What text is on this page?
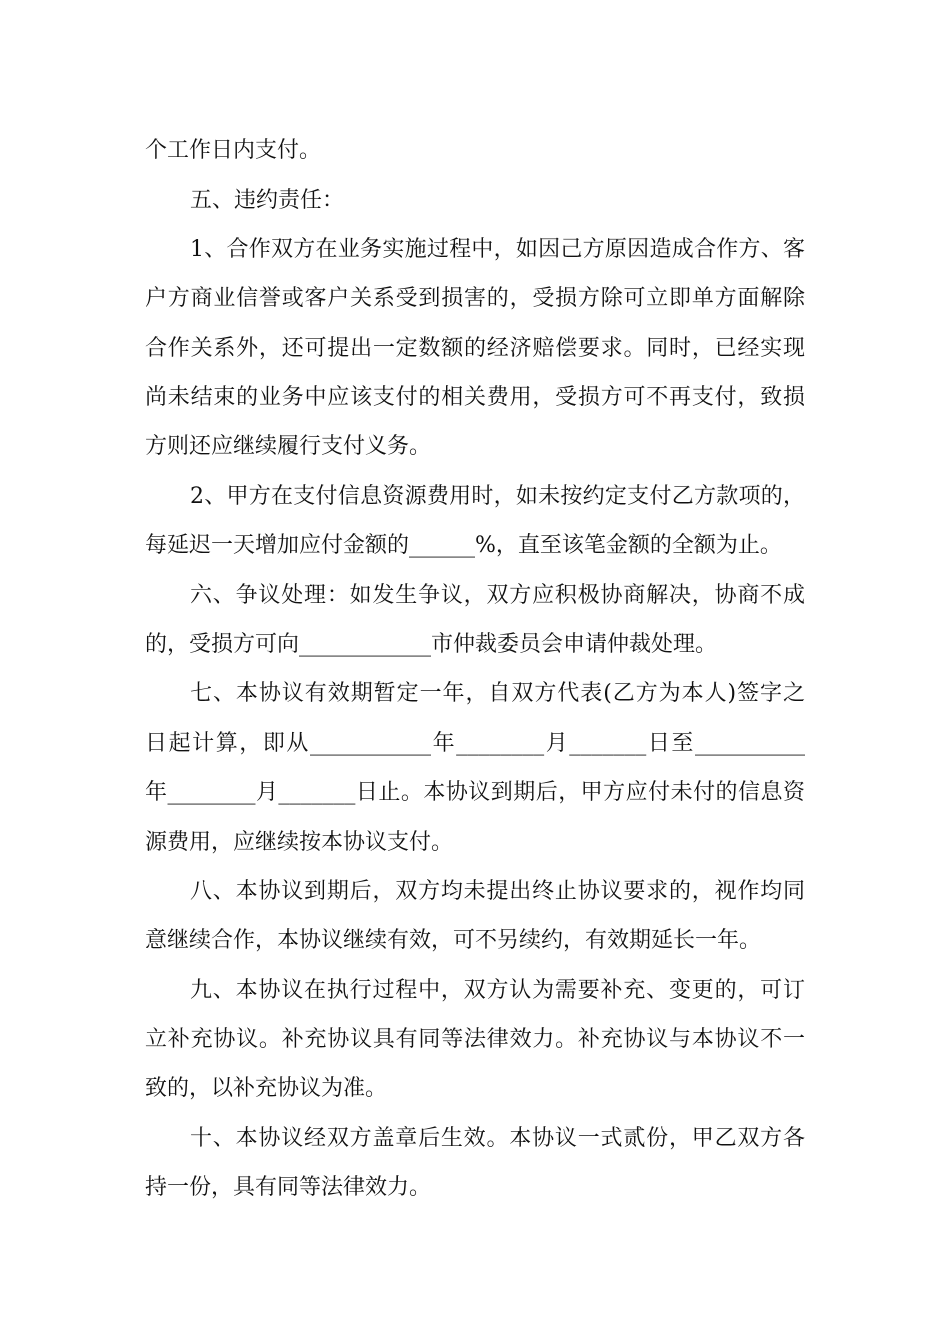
个工作日内支付。
五、违约责任：
1、合作双方在业务实施过程中，如因己方原因造成合作方、客
户方商业信誉或客户关系受到损害的，受损方除可立即单方面解除
合作关系外，还可提出一定数额的经济赔偿要求。同时，已经实现
尚未结束的业务中应该支付的相关费用，受损方可不再支付，致损
方则还应继续履行支付义务。
2、甲方在支付信息资源费用时，如未按约定支付乙方款项的，
每延迟一天增加应付金额的______%，直至该笔金额的全额为止。
六、争议处理：如发生争议，双方应积极协商解决，协商不成
的，受损方可向____________市仲裁委员会申请仲裁处理。
七、本协议有效期暂定一年，自双方代表(乙方为本人)签字之
日起计算，即从___________年________月_______日至__________
年________月_______日止。本协议到期后，甲方应付未付的信息资
源费用，应继续按本协议支付。
八、本协议到期后，双方均未提出终止协议要求的，视作均同
意继续合作，本协议继续有效，可不另续约，有效期延长一年。
九、本协议在执行过程中，双方认为需要补充、变更的，可订
立补充协议。补充协议具有同等法律效力。补充协议与本协议不一
致的，以补充协议为准。
十、本协议经双方盖章后生效。本协议一式贰份，甲乙双方各
持一份，具有同等法律效力。
